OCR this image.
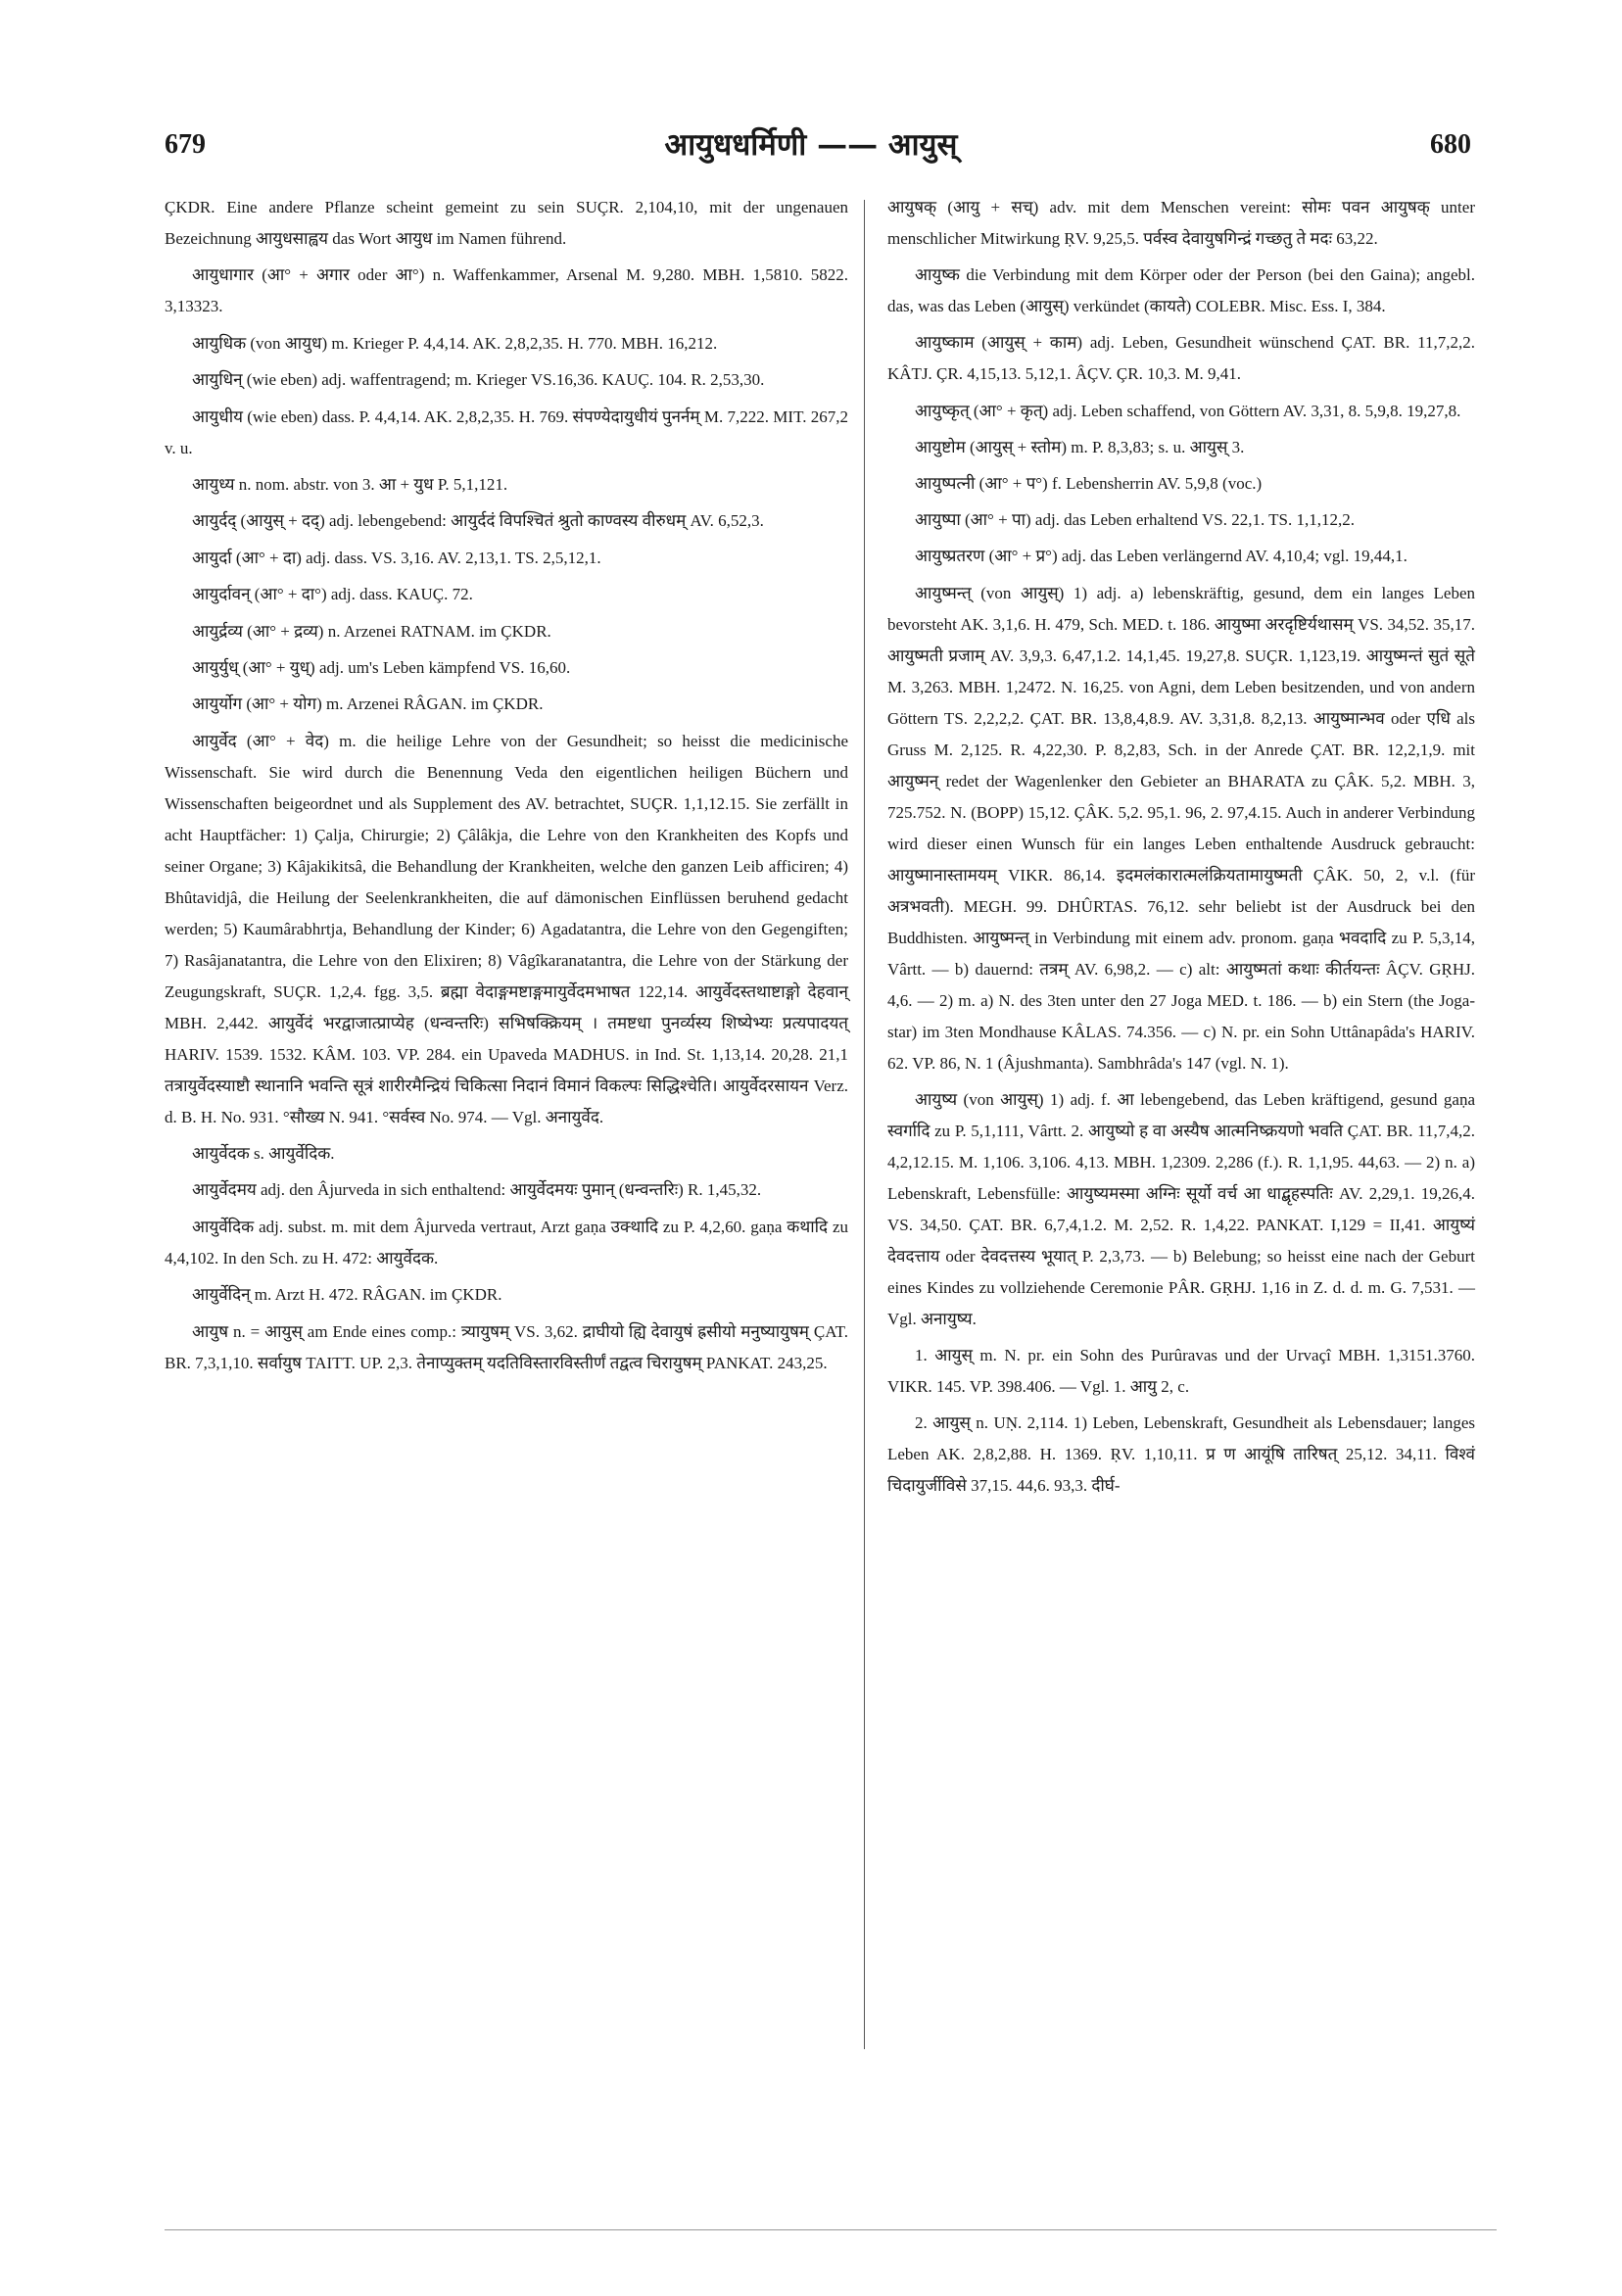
679	आयुधधर्मिणी —— आयुस्	680

ÇKDR. Eine andere Pflanze scheint gemeint zu sein SUÇR. 2,104,10, mit der ungenauen Bezeichnung आयुधसाह्वय das Wort आयुध im Namen führend.

आयुधागार (आ° + अगार oder आ°) n. Waffenkammer, Arsenal M. 9,280. MBH. 1,5810. 5822. 3,13323.

आयुधिक (von आयुध) m. Krieger P. 4,4,14. AK. 2,8,2,35. H. 770. MBH. 16,212.

आयुधिन् (wie eben) adj. waffentragend; m. Krieger VS.16,36. KAUÇ. 104. R. 2,53,30.

आयुधीय (wie eben) dass. P. 4,4,14. AK. 2,8,2,35. H. 769. संपण्येदायुधीयं पुनर्नम् M. 7,222. MIT. 267,2 v. u.

आयुध्य n. nom. abstr. von 3. आ + युध P. 5,1,121.

आयुर्दद् (आयुस् + दद्) adj. lebengebend: आयुर्ददं विपश्चितं श्रुतो काण्वस्य वीरुधम् AV. 6,52,3.

आयुर्दा (आ° + दा) adj. dass. VS. 3,16. AV. 2,13,1. TS. 2,5,12,1.

आयुर्दावन् (आ° + दा°) adj. dass. KAUÇ. 72.

आयुर्द्रव्य (आ° + द्रव्य) n. Arzenei RATNAM. im ÇKDR.

आयुर्युध् (आ° + युध्) adj. um's Leben kämpfend VS. 16,60.

आयुर्योग (आ° + योग) m. Arzenei RÂGAN. im ÇKDR.

आयुर्वेद (आ° + वेद) m. die heilige Lehre von der Gesundheit; so heisst die medicinische Wissenschaft. Sie wird durch die Benennung Veda den eigentlichen heiligen Büchern und Wissenschaften beigeordnet und als Supplement des AV. betrachtet, SUÇR. 1,1,12.15. Sie zerfällt in acht Hauptfächer: 1) Çalja, Chirurgie; 2) Çâlâkja, die Lehre von den Krankheiten des Kopfs und seiner Organe; 3) Kâjakikitsâ, die Behandlung der Krankheiten, welche den ganzen Leib afficiren; 4) Bhûtavidjâ, die Heilung der Seelenkrankheiten, die auf dämonischen Einflüssen beruhend gedacht werden; 5) Kaumârabhrtja, Behandlung der Kinder; 6) Agadatantra, die Lehre von den Gegengiften; 7) Rasâjanatantra, die Lehre von den Elixiren; 8) Vâgîkaranatantra, die Lehre von der Stärkung der Zeugungskraft, SUÇR. 1,2,4. fgg. 3,5. ब्रह्मा वेदाङ्गमष्टाङ्गमायुर्वेदमभाषत 122,14. आयुर्वेदस्तथाष्टाङ्गो देहवान् MBH. 2,442. आयुर्वेदं भरद्वाजात्प्राप्येह (धन्वन्तरिः) सभिषक्क्रियम् । तमष्टधा पुनर्व्यस्य शिष्येभ्यः प्रत्यपादयत् HARIV. 1539. 1532. KÂM. 103. VP. 284. ein Upaveda MADHUS. in Ind. St. 1,13,14. 20,28. 21,1 तत्रायुर्वेदस्याष्टौ स्थानानि भवन्ति सूत्रं शारीरमैन्द्रियं चिकित्सा निदानं विमानं विकल्पः सिद्धिश्चेति। आयुर्वेदरसायन Verz. d. B. H. No. 931. °सौख्य N. 941. °सर्वस्व No. 974. — Vgl. अनायुर्वेद.

आयुर्वेदक s. आयुर्वेदिक.

आयुर्वेदमय adj. den Âjurveda in sich enthaltend: आयुर्वेदमयः पुमान् (धन्वन्तरिः) R. 1,45,32.

आयुर्वेदिक adj. subst. m. mit dem Âjurveda vertraut, Arzt gaṇa उक्थादि zu P. 4,2,60. gaṇa कथादि zu 4,4,102. In den Sch. zu H. 472: आयुर्वेदक.

आयुर्वेदिन् m. Arzt H. 472. RÂGAN. im ÇKDR.

आयुष n. = आयुस् am Ende eines comp.: त्र्यायुषम् VS. 3,62. द्राघीयो ह्यि देवायुषं ह्रसीयो मनुष्यायुषम् ÇAT. BR. 7,3,1,10. सर्वायुष TAITT. UP. 2,3. तेनाप्युक्तम् यदतिविस्तारविस्तीर्णं तद्वत्व चिरायुषम् PANKAT. 243,25.

आयुषक् (आयु + सच्) adv. mit dem Menschen vereint: सोमः पवन आयुषक् unter menschlicher Mitwirkung ṚV. 9,25,5. पर्वस्व देवायुषगिन्द्रं गच्छतु ते मदः 63,22.

आयुष्क die Verbindung mit dem Körper oder der Person (bei den Gaina); angebl. das, was das Leben (आयुस्) verkündet (कायते) COLEBR. Misc. Ess. I, 384.

आयुष्काम (आयुस् + काम) adj. Leben, Gesundheit wünschend ÇAT. BR. 11,7,2,2. KÂTJ. ÇR. 4,15,13. 5,12,1. ÂÇV. ÇR. 10,3. M. 9,41.

आयुष्कृत् (आ° + कृत्) adj. Leben schaffend, von Göttern AV. 3,31, 8. 5,9,8. 19,27,8.

आयुष्टोम (आयुस् + स्तोम) m. P. 8,3,83; s. u. आयुस् 3.

आयुष्पत्नी (आ° + प°) f. Lebensherrin AV. 5,9,8 (voc.)

आयुष्पा (आ° + पा) adj. das Leben erhaltend VS. 22,1. TS. 1,1,12,2.

आयुष्प्रतरण (आ° + प्र°) adj. das Leben verlängernd AV. 4,10,4; vgl. 19,44,1.

आयुष्मन्त् (von आयुस्) 1) adj. a) lebenskräftig, gesund, dem ein langes Leben bevorsteht AK. 3,1,6. H. 479, Sch. MED. t. 186. आयुष्मा अरदृष्टिर्यथासम् VS. 34,52. 35,17. आयुष्मती प्रजाम् AV. 3,9,3. 6,47,1.2. 14,1,45. 19,27,8. SUÇR. 1,123,19. आयुष्मन्तं सुतं सूते M. 3,263. MBH. 1,2472. N. 16,25. von Agni, dem Leben besitzenden, und von andern Göttern TS. 2,2,2,2. ÇAT. BR. 13,8,4,8.9. AV. 3,31,8. 8,2,13. आयुष्मान्भव oder एधि als Gruss M. 2,125. R. 4,22,30. P. 8,2,83, Sch. in der Anrede ÇAT. BR. 12,2,1,9. mit आयुष्मन् redet der Wagenlenker den Gebieter an BHARATA zu ÇÂK. 5,2. MBH. 3, 725.752. N. (BOPP) 15,12. ÇÂK. 5,2. 95,1. 96, 2. 97,4.15. Auch in anderer Verbindung wird dieser einen Wunsch für ein langes Leben enthaltende Ausdruck gebraucht: आयुष्मानास्तामयम् VIKR. 86,14. इदमलंकारात्मलंक्रियतामायुष्मती ÇÂK. 50, 2, v.l. (für अत्रभवती). MEGH. 99. DHÛRTAS. 76,12. sehr beliebt ist der Ausdruck bei den Buddhisten. आयुष्मन्त् in Verbindung mit einem adv. pronom. gaṇa भवदादि zu P. 5,3,14, Vârtt. — b) dauernd: तत्रम् AV. 6,98,2. — c) alt: आयुष्मतां कथाः कीर्तयन्तः ÂÇV. GṚHJ. 4,6. — 2) m. a) N. des 3ten unter den 27 Joga MED. t. 186. — b) ein Stern (the Joga-star) im 3ten Mondhause KÂLAS. 74.356. — c) N. pr. ein Sohn Uttânapâda's HARIV. 62. VP. 86, N. 1 (Âjushmanta). Sambhrâda's 147 (vgl. N. 1).

आयुष्य (von आयुस्) 1) adj. f. आ lebengebend, das Leben kräftigend, gesund gaṇa स्वर्गादि zu P. 5,1,111, Vârtt. 2. आयुष्यो ह वा अस्यैष आत्मनिष्क्रयणो भवति ÇAT. BR. 11,7,4,2. 4,2,12.15. M. 1,106. 3,106. 4,13. MBH. 1,2309. 2,286 (f.). R. 1,1,95. 44,63. — 2) n. a) Lebenskraft, Lebensfülle: आयुष्यमस्मा अग्निः सूर्यो वर्च आ धाद्बृहस्पतिः AV. 2,29,1. 19,26,4. VS. 34,50. ÇAT. BR. 6,7,4,1.2. M. 2,52. R. 1,4,22. PANKAT. I,129 = II,41. आयुष्यं देवदत्ताय oder देवदत्तस्य भूयात् P. 2,3,73. — b) Belebung; so heisst eine nach der Geburt eines Kindes zu vollziehende Ceremonie PÂR. GṚHJ. 1,16 in Z. d. d. m. G. 7,531. — Vgl. अनायुष्य.

1. आयुस् m. N. pr. ein Sohn des Purûravas und der Urvaçî MBH. 1,3151.3760. VIKR. 145. VP. 398.406. — Vgl. 1. आयु 2, c.

2. आयुस् n. UṆ. 2,114. 1) Leben, Lebenskraft, Gesundheit als Lebensdauer; langes Leben AK. 2,8,2,88. H. 1369. ṚV. 1,10,11. प्र ण आयूंषि तारिषत् 25,12. 34,11. विश्वं चिदायुर्जीविसे 37,15. 44,6. 93,3. दीर्घ-
